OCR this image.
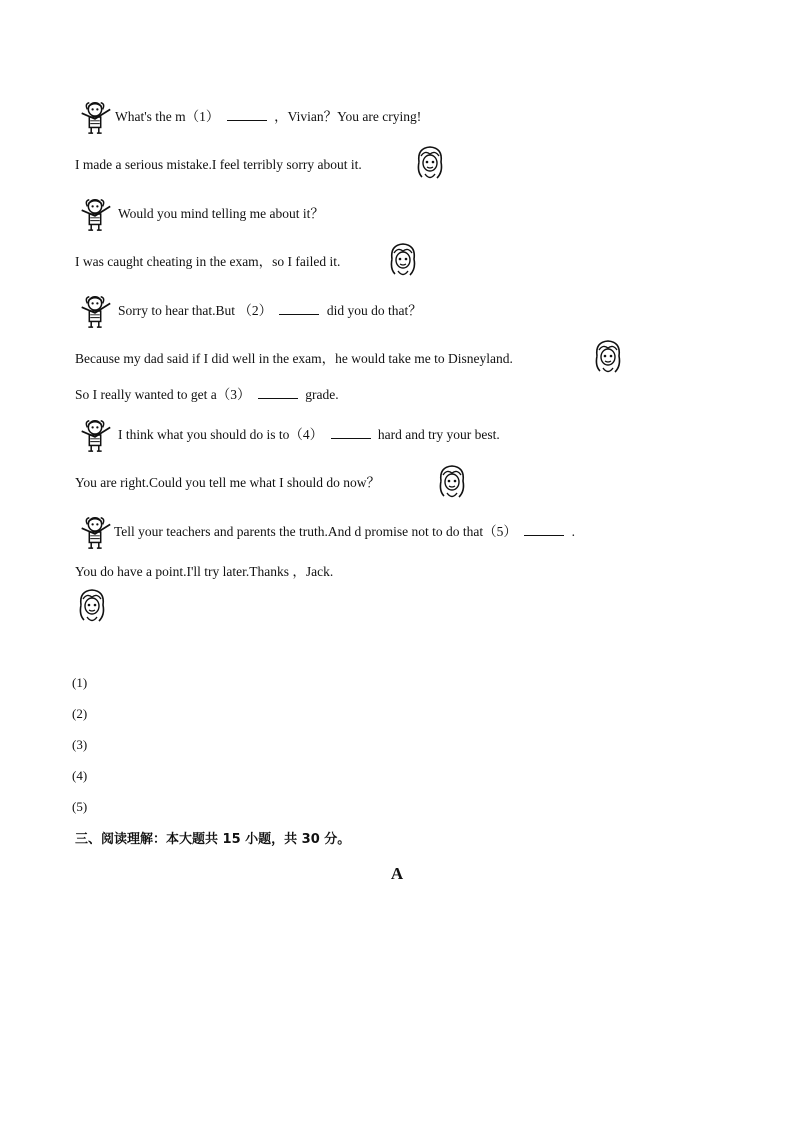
What's the m（1）	，Vivian？You are crying!
I made a serious mistake.I feel terribly sorry about it.
Would you mind telling me about it？
I was caught cheating in the exam，so I failed it.
Sorry to hear that.But （2）	did you do that？
Because my dad said if I did well in the exam，he would take me to Disneyland.
So I really wanted to get a（3）	grade.
I think what you should do is to（4）	hard and try your best.
You are right.Could you tell me what I should do now？
Tell your teachers and parents the truth.And d promise not to do that（5）	.
You do have a point.I'll try later.Thanks ，Jack.
(1)
(2)
(3)
(4)
(5)
三、阅读理解：本大题共 15 小题，共 30 分。
A
